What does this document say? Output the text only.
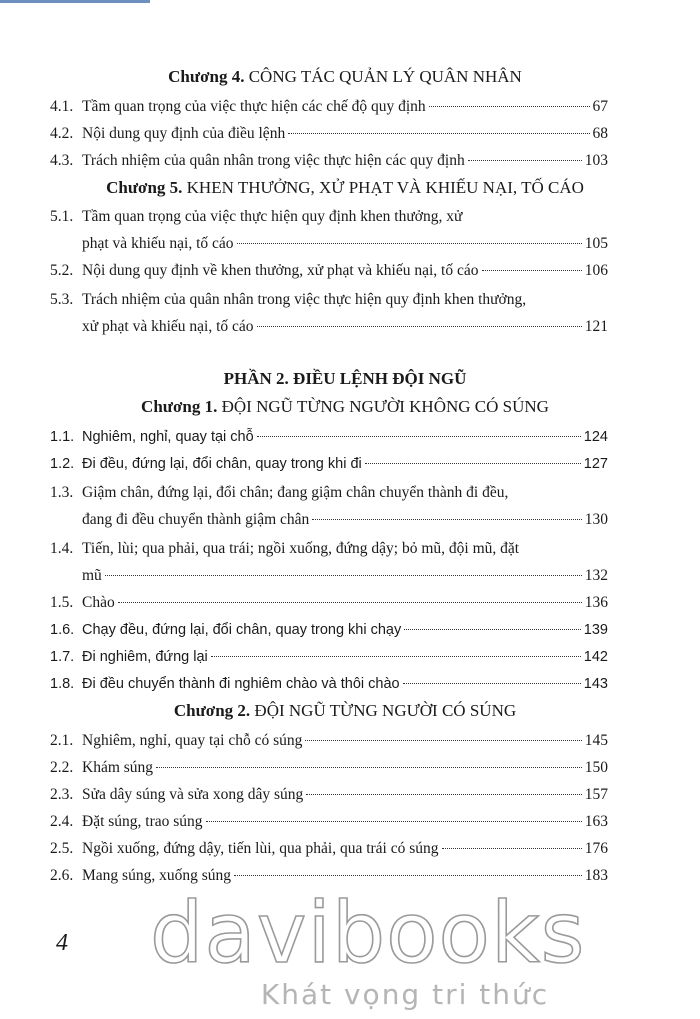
Chương 4. CÔNG TÁC QUẢN LÝ QUÂN NHÂN
4.1. Tầm quan trọng của việc thực hiện các chế độ quy định	67
4.2. Nội dung quy định của điều lệnh	68
4.3. Trách nhiệm của quân nhân trong việc thực hiện các quy định	103
Chương 5. KHEN THƯỞNG, XỬ PHẠT VÀ KHIẾU NẠI, TỐ CÁO
5.1. Tầm quan trọng của việc thực hiện quy định khen thưởng, xử
phạt và khiếu nại, tố cáo	105
5.2. Nội dung quy định về khen thưởng, xử phạt và khiếu nại, tố cáo	106
5.3. Trách nhiệm của quân nhân trong việc thực hiện quy định khen thưởng,
xử phạt và khiếu nại, tố cáo	121
PHẦN 2. ĐIỀU LỆNH ĐỘI NGŨ
Chương 1. ĐỘI NGŨ TỪNG NGƯỜI KHÔNG CÓ SÚNG
1.1. Nghiêm, nghỉ, quay tại chỗ	124
1.2. Đi đều, đứng lại, đổi chân, quay trong khi đi	127
1.3. Giậm chân, đứng lại, đổi chân; đang giậm chân chuyển thành đi đều,
đang đi đều chuyển thành giậm chân	130
1.4. Tiến, lùi; qua phải, qua trái; ngồi xuống, đứng dậy; bỏ mũ, đội mũ, đặt
mũ	132
1.5. Chào	136
1.6. Chạy đều, đứng lại, đổi chân, quay trong khi chạy	139
1.7. Đi nghiêm, đứng lại	142
1.8. Đi đều chuyển thành đi nghiêm chào và thôi chào	143
Chương 2. ĐỘI NGŨ TỪNG NGƯỜI CÓ SÚNG
2.1. Nghiêm, nghỉ, quay tại chỗ có súng	145
2.2. Khám súng	150
2.3. Sửa dây súng và sửa xong dây súng	157
2.4. Đặt súng, trao súng	163
2.5. Ngồi xuống, đứng dậy, tiến lùi, qua phải, qua trái có súng	176
2.6. Mang súng, xuống súng	183
4 davibooks
Khát vọng tri thức
